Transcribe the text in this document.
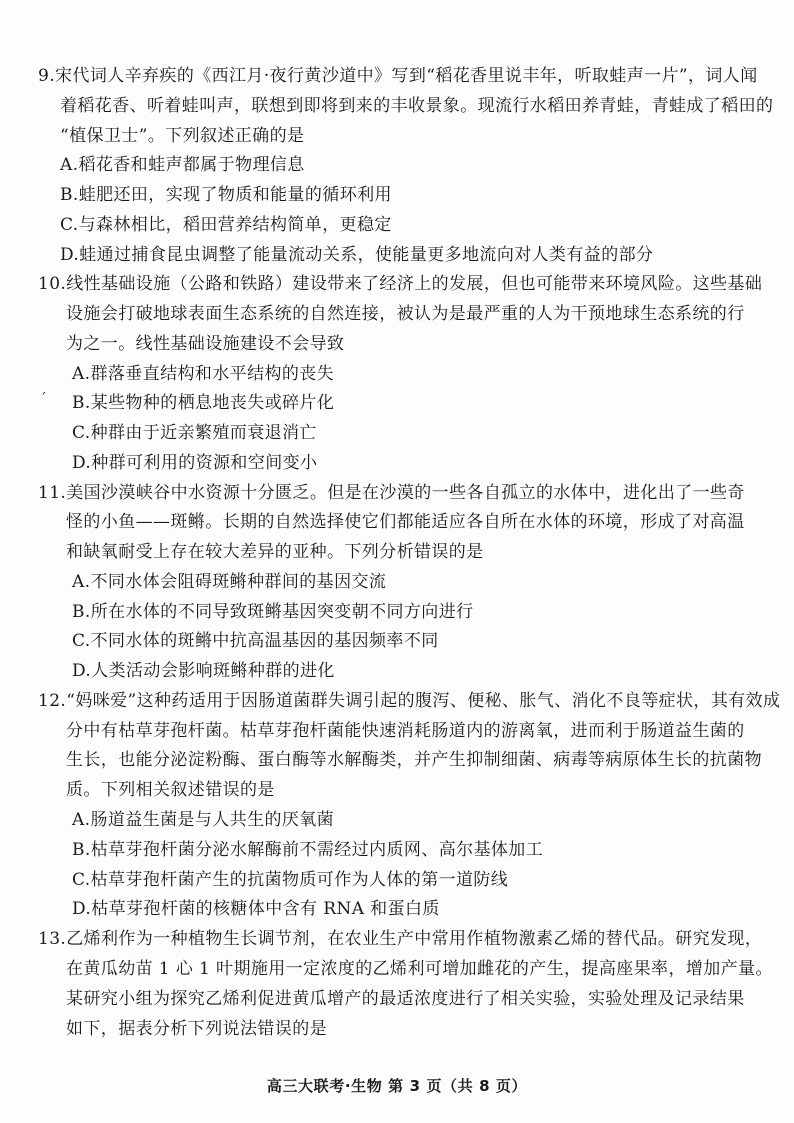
9.宋代词人辛弃疾的《西江月·夜行黄沙道中》写到“稻花香里说丰年，听取蛙声一片”，词人闻
着稻花香、听着蛙叫声，联想到即将到来的丰收景象。现流行水稻田养青蛙，青蛙成了稻田的
“植保卫士”。下列叙述正确的是
A.稻花香和蛙声都属于物理信息
B.蛙肥还田，实现了物质和能量的循环利用
C.与森林相比，稻田营养结构简单，更稳定
D.蛙通过捕食昆虫调整了能量流动关系，使能量更多地流向对人类有益的部分
10.线性基础设施（公路和铁路）建设带来了经济上的发展，但也可能带来环境风险。这些基础
设施会打破地球表面生态系统的自然连接，被认为是最严重的人为干预地球生态系统的行
为之一。线性基础设施建设不会导致
A.群落垂直结构和水平结构的丧失
ˊ B.某些物种的栖息地丧失或碎片化
C.种群由于近亲繁殖而衰退消亡
D.种群可利用的资源和空间变小
11.美国沙漠峡谷中水资源十分匮乏。但是在沙漠的一些各自孤立的水体中，进化出了一些奇
怪的小鱼——斑鳉。长期的自然选择使它们都能适应各自所在水体的环境，形成了对高温
和缺氧耐受上存在较大差异的亚种。下列分析错误的是
A.不同水体会阻碍斑鳉种群间的基因交流
B.所在水体的不同导致斑鳉基因突变朝不同方向进行
C.不同水体的斑鳉中抗高温基因的基因频率不同
D.人类活动会影响斑鳉种群的进化
12.“妈咪爱”这种药适用于因肠道菌群失调引起的腹泻、便秘、胀气、消化不良等症状，其有效成
分中有枯草芽孢杆菌。枯草芽孢杆菌能快速消耗肠道内的游离氧，进而利于肠道益生菌的
生长，也能分泌淀粉酶、蛋白酶等水解酶类，并产生抑制细菌、病毒等病原体生长的抗菌物
质。下列相关叙述错误的是
A.肠道益生菌是与人共生的厌氧菌
B.枯草芽孢杆菌分泌水解酶前不需经过内质网、高尔基体加工
C.枯草芽孢杆菌产生的抗菌物质可作为人体的第一道防线
D.枯草芽孢杆菌的核糖体中含有 RNA 和蛋白质
13.乙烯利作为一种植物生长调节剂，在农业生产中常用作植物激素乙烯的替代品。研究发现，
在黄瓜幼苗 1 心 1 叶期施用一定浓度的乙烯利可增加雌花的产生，提高座果率，增加产量。
高三大联考·生物 第 3 页（共 8 页）
某研究小组为探究乙烯利促进黄瓜增产的最适浓度进行了相关实验，实验处理及记录结果
如下，据表分析下列说法错误的是
